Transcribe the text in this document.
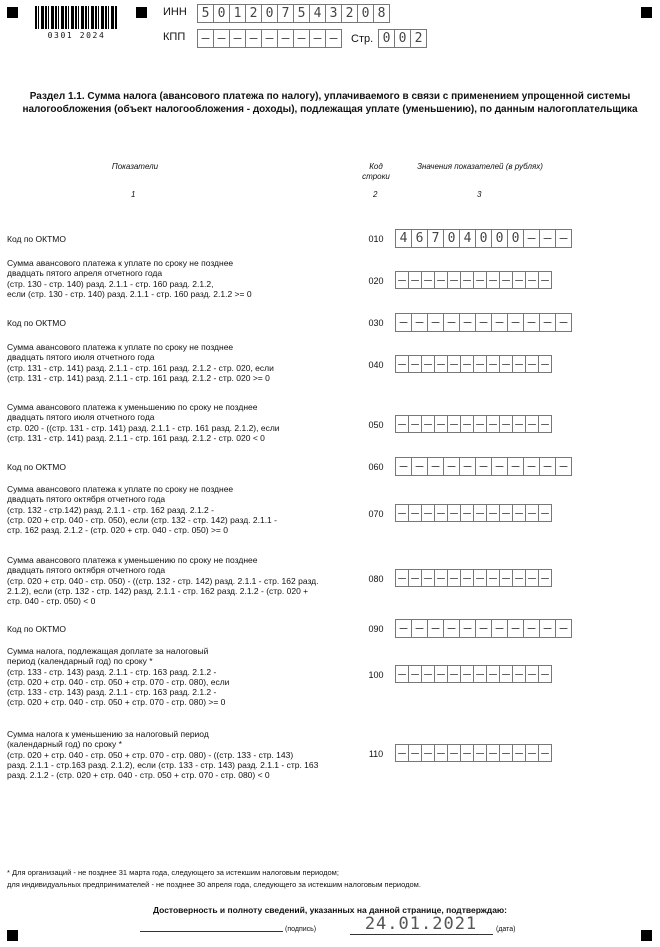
0301 2024
ИНН	5 0 1 2 0 7 5 4 3 2 0 8
КПП	– – – – – – – – –	Стр. 0 0 2
Раздел 1.1. Сумма налога (авансового платежа по налогу), уплачиваемого в связи с применением упрощенной системы налогообложения (объект налогообложения - доходы), подлежащая уплате (уменьшению), по данным налогоплательщика
Показатели	Код
строки
Значения показателей (в рублях)
1	2	3
Код по ОКТМО	010	4 6 7 0 4 0 0 0 – – –
Сумма авансового платежа к уплате по сроку не позднее
двадцать пятого апреля отчетного года
(стр. 130 - стр. 140) разд. 2.1.1 - стр. 160 разд. 2.1.2,
если (стр. 130 - стр. 140) разд. 2.1.1 - стр. 160 разд. 2.1.2 >= 0
020	– – – – – – – – – – – –
Код по ОКТМО	030	– – – – – – – – – – –
Сумма авансового платежа к уплате по сроку не позднее
двадцать пятого июля отчетного года
(стр. 131 - стр. 141) разд. 2.1.1 - стр. 161 разд. 2.1.2 - стр. 020, если
(стр. 131 - стр. 141) разд. 2.1.1 - стр. 161 разд. 2.1.2 - стр. 020 >= 0
040	– – – – – – – – – – – –
Сумма авансового платежа к уменьшению по сроку не позднее
двадцать пятого июля отчетного года
стр. 020 - ((стр. 131 - стр. 141) разд. 2.1.1 - стр. 161 разд. 2.1.2), если
(стр. 131 - стр. 141) разд. 2.1.1 - стр. 161 разд. 2.1.2 - стр. 020 < 0
050	– – – – – – – – – – – –
Код по ОКТМО	060	– – – – – – – – – – –
Сумма авансового платежа к уплате по сроку не позднее
двадцать пятого октября отчетного года
(стр. 132 - стр.142) разд. 2.1.1 - стр. 162 разд. 2.1.2 -
(стр. 020 + стр. 040 - стр. 050), если (стр. 132 - стр. 142) разд. 2.1.1 -
стр. 162 разд. 2.1.2 - (стр. 020 + стр. 040 - стр. 050) >= 0
070	– – – – – – – – – – – –
Сумма авансового платежа к уменьшению по сроку не позднее
двадцать пятого октября отчетного года
(стр. 020 + стр. 040 - стр. 050) - ((стр. 132 - стр. 142) разд. 2.1.1 - стр. 162 разд.
2.1.2), если (стр. 132 - стр. 142) разд. 2.1.1 - стр. 162 разд. 2.1.2 - (стр. 020 +
стр. 040 - стр. 050) < 0
080	– – – – – – – – – – – –
Код по ОКТМО	090	– – – – – – – – – – –
Сумма налога, подлежащая доплате за налоговый
период (календарный год) по сроку *
(стр. 133 - стр. 143) разд. 2.1.1 - стр. 163 разд. 2.1.2 -
(стр. 020 + стр. 040 - стр. 050 + стр. 070 - стр. 080), если
(стр. 133 - стр. 143) разд. 2.1.1 - стр. 163 разд. 2.1.2 -
(стр. 020 + стр. 040 - стр. 050 + стр. 070 - стр. 080) >= 0
100	– – – – – – – – – – – –
Сумма налога к уменьшению за налоговый период
(календарный год) по сроку *
(стр. 020 + стр. 040 - стр. 050 + стр. 070 - стр. 080) - ((стр. 133 - стр. 143)
разд. 2.1.1 - стр.163 разд. 2.1.2), если (стр. 133 - стр. 143) разд. 2.1.1 - стр. 163
разд. 2.1.2 - (стр. 020 + стр. 040 - стр. 050 + стр. 070 - стр. 080) < 0
110	– – – – – – – – – – – –
* Для организаций - не позднее 31 марта года, следующего за истекшим налоговым периодом;
для индивидуальных предпринимателей - не позднее 30 апреля года, следующего за истекшим налоговым периодом.
Достоверность и полноту сведений, указанных на данной странице, подтверждаю:
(подпись)	24.01.2021	(дата)
